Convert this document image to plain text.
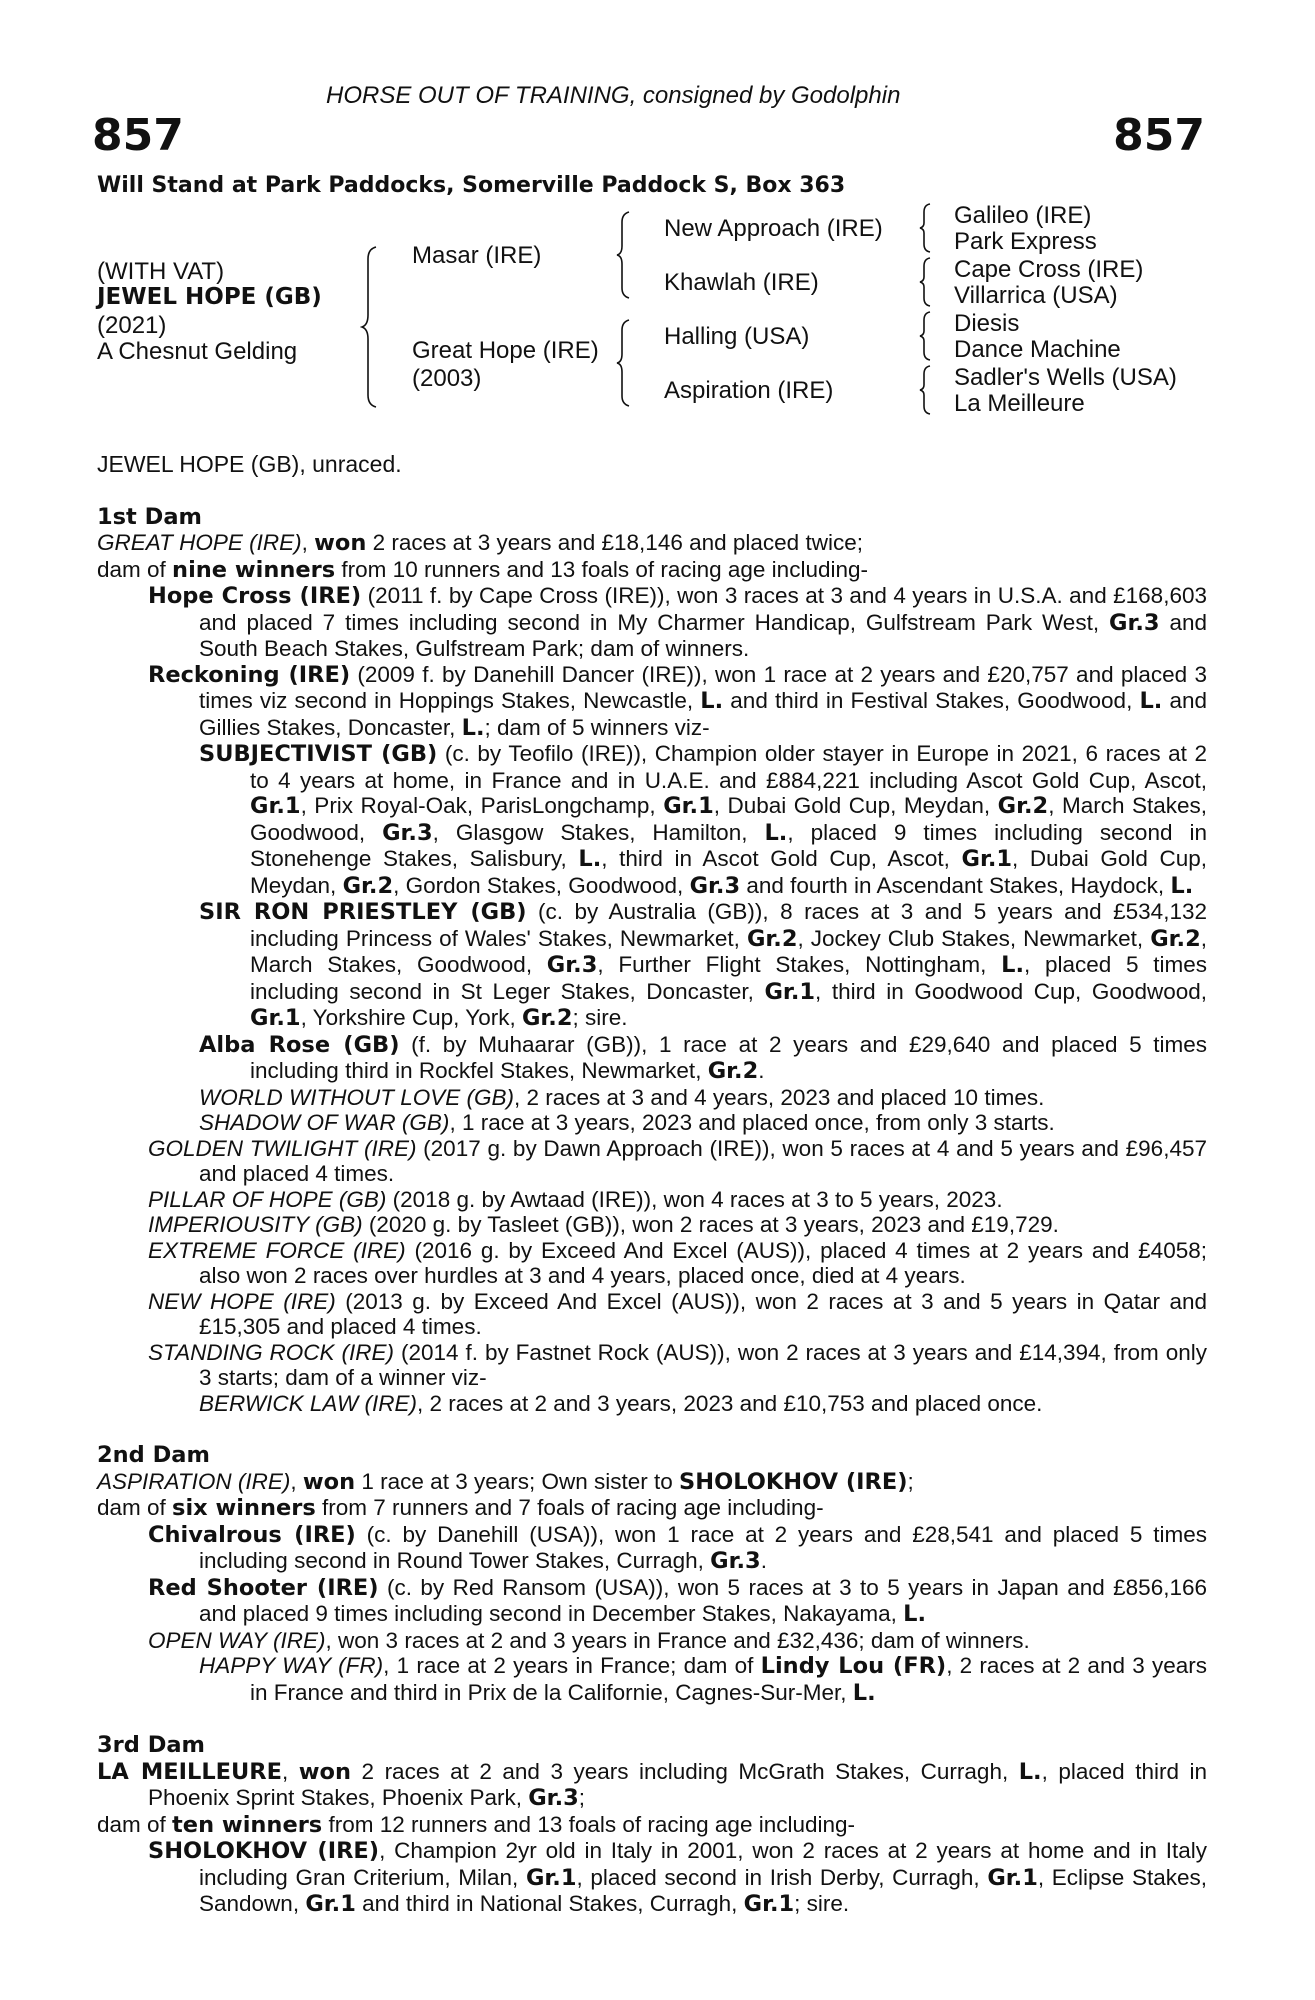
HORSE OUT OF TRAINING, consigned by Godolphin
857	857
Will Stand at Park Paddocks, Somerville Paddock S, Box 363
(WITH VAT)
JEWEL HOPE (GB)
(2021)
A Chesnut Gelding
Masar (IRE)
Great Hope (IRE)
(2003)
New Approach (IRE)
Khawlah (IRE)
Halling (USA)
Aspiration (IRE)
Galileo (IRE)
Park Express
Cape Cross (IRE)
Villarrica (USA)
Diesis
Dance Machine
Sadler's Wells (USA)
La Meilleure

JEWEL HOPE (GB), unraced.

1st Dam

GREAT HOPE (IRE), won 2 races at 3 years and £18,146 and placed twice;

dam of nine winners from 10 runners and 13 foals of racing age including-

Hope Cross (IRE) (2011 f. by Cape Cross (IRE)), won 3 races at 3 and 4 years in U.S.A. and £168,603 and placed 7 times including second in My Charmer Handicap, Gulfstream Park West, Gr.3 and South Beach Stakes, Gulfstream Park; dam of winners.

Reckoning (IRE) (2009 f. by Danehill Dancer (IRE)), won 1 race at 2 years and £20,757 and placed 3 times viz second in Hoppings Stakes, Newcastle, L. and third in Festival Stakes, Goodwood, L. and Gillies Stakes, Doncaster, L.; dam of 5 winners viz-

SUBJECTIVIST (GB) (c. by Teofilo (IRE)), Champion older stayer in Europe in 2021, 6 races at 2 to 4 years at home, in France and in U.A.E. and £884,221 including Ascot Gold Cup, Ascot, Gr.1, Prix Royal-Oak, ParisLongchamp, Gr.1, Dubai Gold Cup, Meydan, Gr.2, March Stakes, Goodwood, Gr.3, Glasgow Stakes, Hamilton, L., placed 9 times including second in Stonehenge Stakes, Salisbury, L., third in Ascot Gold Cup, Ascot, Gr.1, Dubai Gold Cup, Meydan, Gr.2, Gordon Stakes, Goodwood, Gr.3 and fourth in Ascendant Stakes, Haydock, L.

SIR RON PRIESTLEY (GB) (c. by Australia (GB)), 8 races at 3 and 5 years and £534,132 including Princess of Wales' Stakes, Newmarket, Gr.2, Jockey Club Stakes, Newmarket, Gr.2, March Stakes, Goodwood, Gr.3, Further Flight Stakes, Nottingham, L., placed 5 times including second in St Leger Stakes, Doncaster, Gr.1, third in Goodwood Cup, Goodwood, Gr.1, Yorkshire Cup, York, Gr.2; sire.

Alba Rose (GB) (f. by Muhaarar (GB)), 1 race at 2 years and £29,640 and placed 5 times including third in Rockfel Stakes, Newmarket, Gr.2.

WORLD WITHOUT LOVE (GB), 2 races at 3 and 4 years, 2023 and placed 10 times.

SHADOW OF WAR (GB), 1 race at 3 years, 2023 and placed once, from only 3 starts.

GOLDEN TWILIGHT (IRE) (2017 g. by Dawn Approach (IRE)), won 5 races at 4 and 5 years and £96,457 and placed 4 times.

PILLAR OF HOPE (GB) (2018 g. by Awtaad (IRE)), won 4 races at 3 to 5 years, 2023.

IMPERIOUSITY (GB) (2020 g. by Tasleet (GB)), won 2 races at 3 years, 2023 and £19,729.

EXTREME FORCE (IRE) (2016 g. by Exceed And Excel (AUS)), placed 4 times at 2 years and £4058; also won 2 races over hurdles at 3 and 4 years, placed once, died at 4 years.

NEW HOPE (IRE) (2013 g. by Exceed And Excel (AUS)), won 2 races at 3 and 5 years in Qatar and £15,305 and placed 4 times.

STANDING ROCK (IRE) (2014 f. by Fastnet Rock (AUS)), won 2 races at 3 years and £14,394, from only 3 starts; dam of a winner viz-

BERWICK LAW (IRE), 2 races at 2 and 3 years, 2023 and £10,753 and placed once.

2nd Dam

ASPIRATION (IRE), won 1 race at 3 years; Own sister to SHOLOKHOV (IRE);

dam of six winners from 7 runners and 7 foals of racing age including-

Chivalrous (IRE) (c. by Danehill (USA)), won 1 race at 2 years and £28,541 and placed 5 times including second in Round Tower Stakes, Curragh, Gr.3.

Red Shooter (IRE) (c. by Red Ransom (USA)), won 5 races at 3 to 5 years in Japan and £856,166 and placed 9 times including second in December Stakes, Nakayama, L.

OPEN WAY (IRE), won 3 races at 2 and 3 years in France and £32,436; dam of winners.

HAPPY WAY (FR), 1 race at 2 years in France; dam of Lindy Lou (FR), 2 races at 2 and 3 years in France and third in Prix de la Californie, Cagnes-Sur-Mer, L.

3rd Dam

LA MEILLEURE, won 2 races at 2 and 3 years including McGrath Stakes, Curragh, L., placed third in Phoenix Sprint Stakes, Phoenix Park, Gr.3;

dam of ten winners from 12 runners and 13 foals of racing age including-

SHOLOKHOV (IRE), Champion 2yr old in Italy in 2001, won 2 races at 2 years at home and in Italy including Gran Criterium, Milan, Gr.1, placed second in Irish Derby, Curragh, Gr.1, Eclipse Stakes, Sandown, Gr.1 and third in National Stakes, Curragh, Gr.1; sire.
